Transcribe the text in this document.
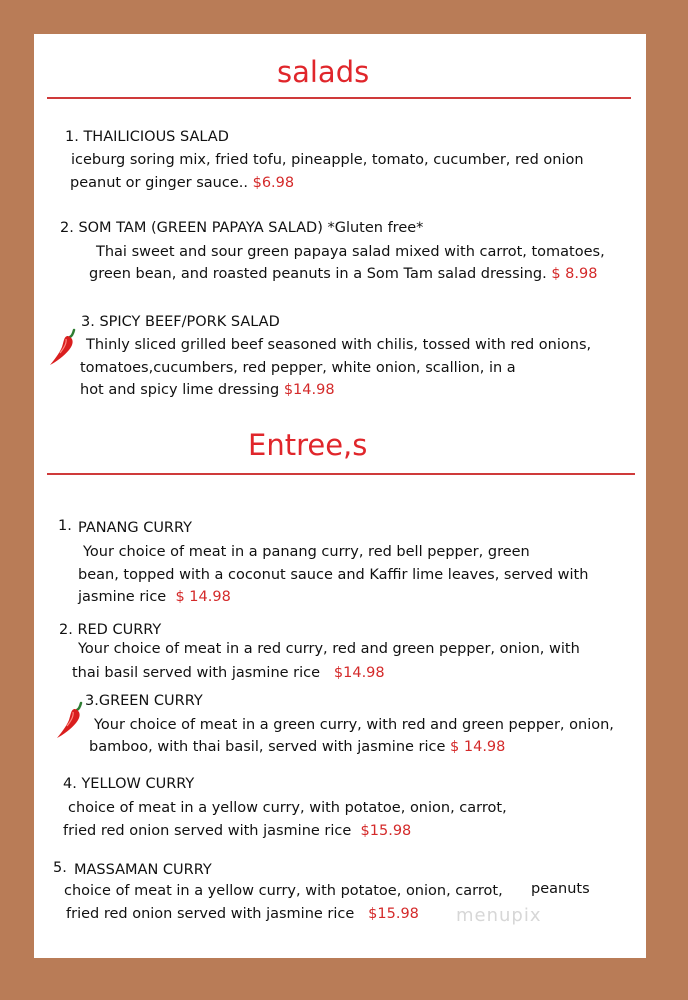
salads
1. THAILICIOUS SALAD
iceburg soring mix, fried tofu, pineapple, tomato, cucumber, red onion
peanut or ginger sauce.. $6.98
2. SOM TAM (GREEN PAPAYA SALAD) *Gluten free*
Thai sweet and sour green papaya salad mixed with carrot, tomatoes,
green bean, and roasted peanuts in a Som Tam salad dressing. $ 8.98
3. SPICY BEEF/PORK SALAD
Thinly sliced grilled beef seasoned with chilis, tossed with red onions,
tomatoes,cucumbers, red pepper, white onion, scallion, in a
hot and spicy lime dressing $14.98
Entree,s
1. PANANG CURRY
Your choice of meat in a panang curry, red bell pepper, green
bean, topped with a coconut sauce and Kaffir lime leaves, served with
jasmine rice $ 14.98
2. RED CURRY
Your choice of meat in a red curry, red and green pepper, onion, with
thai basil served with jasmine rice $14.98
3.GREEN CURRY
Your choice of meat in a green curry, with red and green pepper, onion,
bamboo, with thai basil, served with jasmine rice $ 14.98
4. YELLOW CURRY
choice of meat in a yellow curry, with potatoe, onion, carrot,
fried red onion served with jasmine rice $15.98
5. MASSAMAN CURRY
choice of meat in a yellow curry, with potatoe, onion, carrot, peanuts
fried red onion served with jasmine rice $15.98 menupix
